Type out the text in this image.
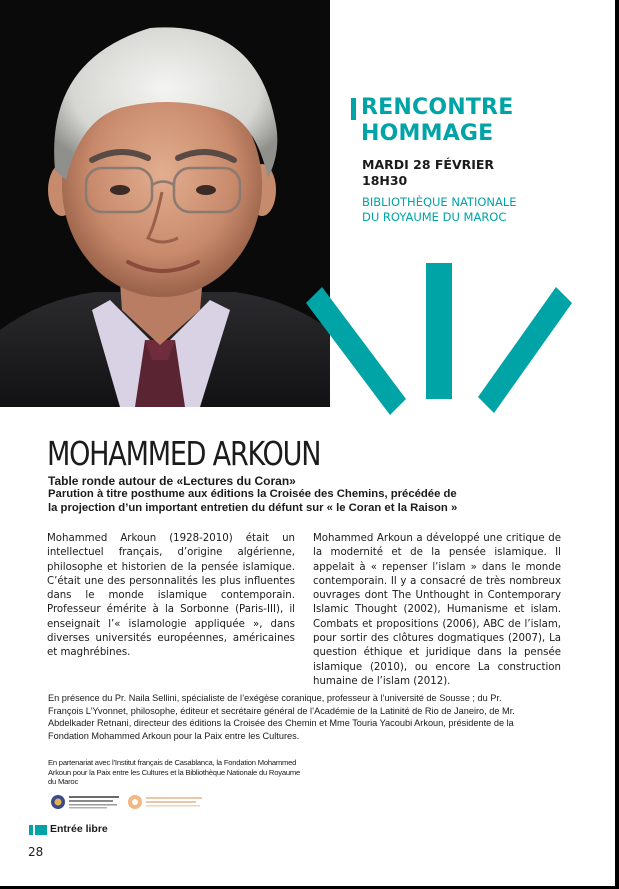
RENCONTRE
HOMMAGE
MARDI 28 FÉVRIER
18H30
BIBLIOTHÈQUE NATIONALE
DU ROYAUME DU MAROC
MOHAMMED ARKOUN
Table ronde autour de «Lectures du Coran»
Parution à titre posthume aux éditions la Croisée des Chemins, précédée de la projection d’un important entretien du défunt sur « le Coran et la Raison »
Mohammed Arkoun (1928-2010) était un intellectuel français, d’origine algérienne, philosophe et historien de la pensée islamique. C’était une des personnalités les plus influentes dans le monde islamique contemporain. Professeur émérite à la Sorbonne (Paris-III), il enseignait l’« islamologie appliquée », dans diverses universités européennes, américaines et maghrébines.
Mohammed Arkoun a développé une critique de la modernité et de la pensée islamique. Il appelait à « repenser l’islam » dans le monde contemporain. Il y a consacré de très nombreux ouvrages dont The Unthought in Contemporary Islamic Thought (2002), Humanisme et islam. Combats et propositions (2006), ABC de l’islam, pour sortir des clôtures dogmatiques (2007), La question éthique et juridique dans la pensée islamique (2010), ou encore La construction humaine de l’islam (2012).
En présence du Pr. Naila Sellini, spécialiste de l’exégèse coranique, professeur à l’université de Sousse ; du Pr. François L’Yvonnet, philosophe, éditeur et secrétaire général de l’Académie de la Latinité de Rio de Janeiro, de Mr. Abdelkader Retnani, directeur des éditions la Croisée des Chemin et Mme Touria Yacoubi Arkoun, présidente de la Fondation Mohammed Arkoun pour la Paix entre les Cultures.
En partenariat avec l’Institut français de Casablanca, la Fondation Mohammed Arkoun pour la Paix entre les Cultures et la Bibliothèque Nationale du Royaume du Maroc
Entrée libre
28
